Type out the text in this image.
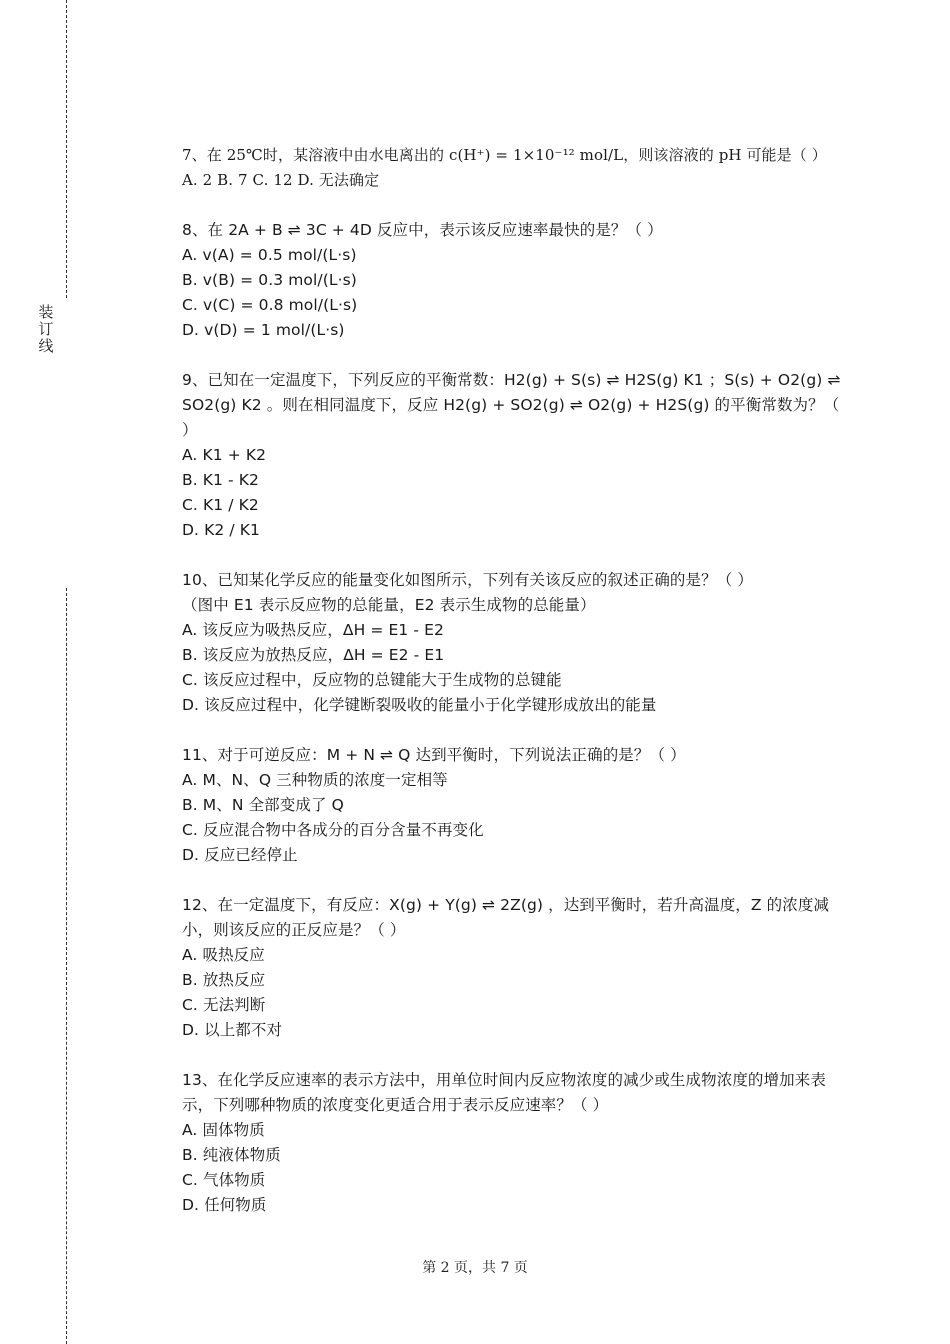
装
订
线
7、在 25℃时，某溶液中由水电离出的 c(H⁺) = 1×10⁻¹² mol/L，则该溶液的 pH 可能是（ ）
A. 2 B. 7 C. 12 D. 无法确定
8、在 2A + B ⇌ 3C + 4D 反应中，表示该反应速率最快的是？（ ）
A. v(A) = 0.5 mol/(L·s)
B. v(B) = 0.3 mol/(L·s)
C. v(C) = 0.8 mol/(L·s)
D. v(D) = 1 mol/(L·s)
9、已知在一定温度下，下列反应的平衡常数：H2(g) + S(s) ⇌ H2S(g) K1 ；S(s) + O2(g) ⇌ SO2(g) K2 。则在相同温度下，反应 H2(g) + SO2(g) ⇌ O2(g) + H2S(g) 的平衡常数为？（ ）
A. K1 + K2
B. K1 - K2
C. K1 / K2
D. K2 / K1
10、已知某化学反应的能量变化如图所示，下列有关该反应的叙述正确的是？（ ）
（图中 E1 表示反应物的总能量，E2 表示生成物的总能量）
A. 该反应为吸热反应，ΔH = E1 - E2
B. 该反应为放热反应，ΔH = E2 - E1
C. 该反应过程中，反应物的总键能大于生成物的总键能
D. 该反应过程中，化学键断裂吸收的能量小于化学键形成放出的能量
11、对于可逆反应：M + N ⇌ Q 达到平衡时，下列说法正确的是？（ ）
A. M、N、Q 三种物质的浓度一定相等
B. M、N 全部变成了 Q
C. 反应混合物中各成分的百分含量不再变化
D. 反应已经停止
12、在一定温度下，有反应：X(g) + Y(g) ⇌ 2Z(g) ，达到平衡时，若升高温度，Z 的浓度减小，则该反应的正反应是？（ ）
A. 吸热反应
B. 放热反应
C. 无法判断
D. 以上都不对
13、在化学反应速率的表示方法中，用单位时间内反应物浓度的减少或生成物浓度的增加来表示，下列哪种物质的浓度变化更适合用于表示反应速率？（ ）
A. 固体物质
B. 纯液体物质
C. 气体物质
D. 任何物质
第 2 页，共 7 页
